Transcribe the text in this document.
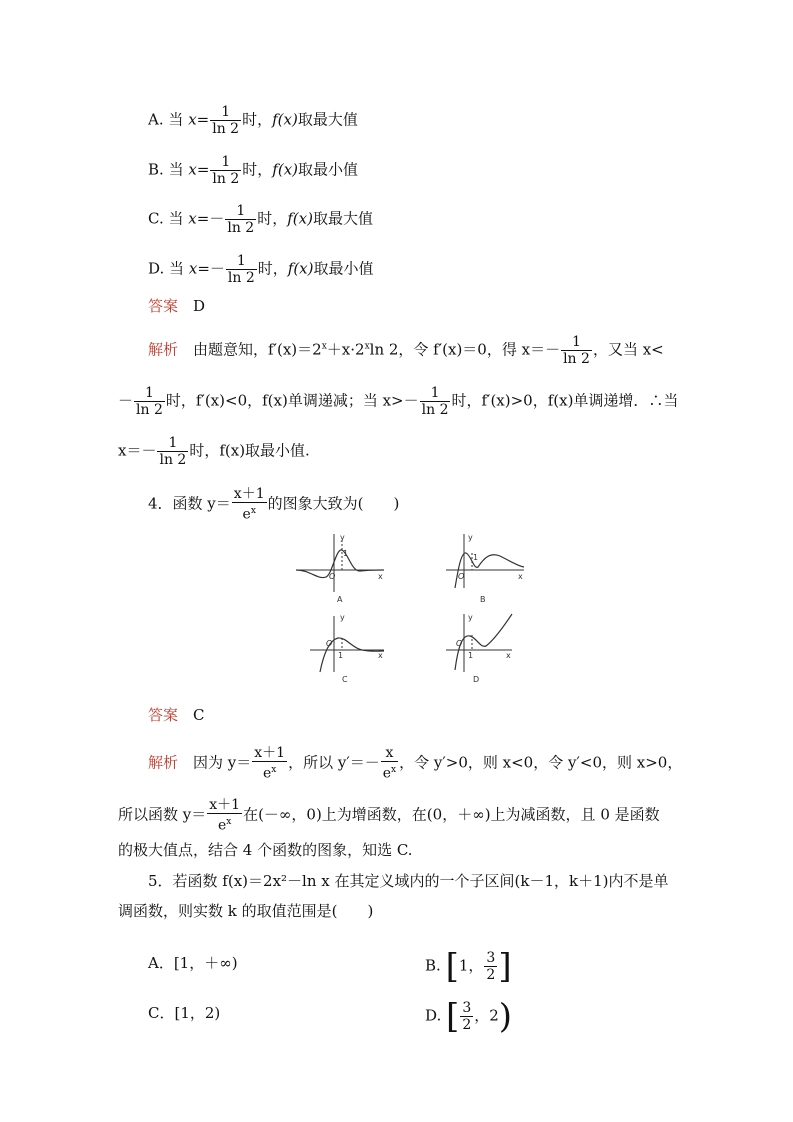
A. 当 $x= \frac{1}{\ln 2}$ 时，f(x)取最大值
B. 当 $x= \frac{1}{\ln 2}$ 时，f(x)取最小值
C. 当 $x=- \frac{1}{\ln 2}$ 时，f(x)取最大值
D. 当 $x=- \frac{1}{\ln 2}$ 时，f(x)取最小值
答案　 D
解析　 由题意知，$f'(x)=2^x+x\cdot 2^x\ln$ 2，令 f′(x)＝0，得 $x=- \frac{1}{\ln 2}$ ，又当 x<
－ $\frac{1}{\ln 2}$ 时，f′(x)<0，f(x)单调递减；当 $x>- \frac{1}{\ln 2}$ 时，f′(x)>0，f(x)单调递增．∴当
$x=- \frac{1}{\ln 2}$ 时，f(x)取最小值.
4．函数 $y= \frac{x+1}{e^x}$ 的图象大致为(　　)
y
1
O	x
A
y
1
O	x
B
y
1
O
x
C
y
1
O
x
D
答案　 C
解析　 因为 $y= \frac{x+1}{e^x}$ ，所以 $y'=- \frac{x}{e^x}$ ，令 y′>0，则 x<0，令 y′<0，则 x>0，
所以函数 $y= \frac{x+1}{e^x}$ 在(－∞，0)上为增函数，在(0，＋∞)上为减函数，且 0 是函数
的极大值点，结合 4 个函数的图象，知选 C.
5．若函数 f(x)＝2x²－ln x 在其定义域内的一个子区间(k－1，k＋1)内不是单
调函数，则实数 k 的取值范围是(　　)
A．[1，＋∞)	B. [1， $\frac{3}{2}$ ]
C．[1，2)	D. [ $\frac{3}{2}$ ，2)
